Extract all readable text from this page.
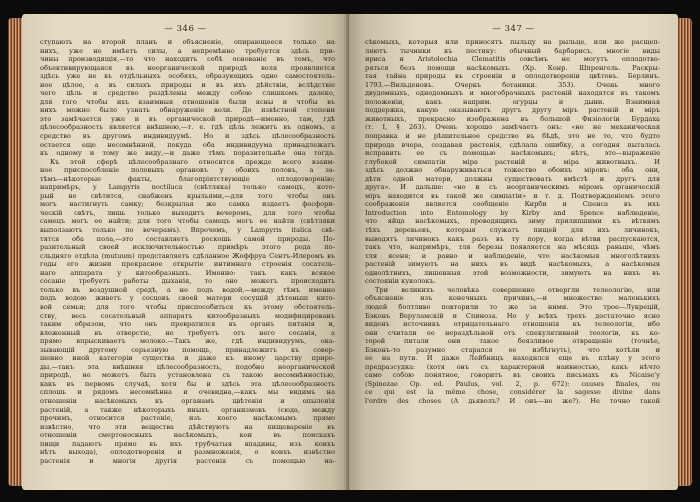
— 346 —
ступають на второй планъ и объясненіе, опирающееся только на
нихъ, уже не имѣетъ силы, а непремѣнно требуется здѣсь при-
чины производящія,—то что находитъ себѣ основаніе въ томъ, что
объективирующаяся въ неорганической природѣ воля проявляется
здѣсь уже не въ отдѣльныхъ особяхъ, образующихъ одно самостоятель-
ное цѣлое, а въ силахъ природы и въ ихъ дѣйствіи, вслѣдствіе
чего цѣль и средство раздѣлены между собою слишкомъ далеко,
для того чтобы ихъ взаимныя отношенія были ясны и чтобы въ
нихъ можно было узнать обнаруженіе воли. До извѣстной степени
это замѣчается уже и въ органической природѣ—именно, там, гдѣ
цѣлесообразность является внѣшнею,—т. е. гдѣ цѣль лежитъ въ одномъ, а
средство въ другомъ индивидуумѣ. Но и здѣсь цѣлесообразность
остается еще несомнѣнной, покуда оба индивидуума принадлежатъ
къ одному и тому же виду,—и даже тѣмъ поразительнѣе она тогда.
Къ этой сферѣ цѣлесообразнаго относится прежде всего взаим-
ное приспособленіе половыхъ органовъ у обоихъ половъ, а за-
тѣмъ—нѣкоторые факты, благопріятствующіе оплодотворенію;
напримѣръ, у Lampyris noctiluca (свѣтляка) только самецъ, кото-
рый не свѣтится, снабженъ крыльями,—для того чтобы онъ
могъ настигнуть самку; безкрылая же самка издаетъ фосфори-
ческій свѣтъ, лишь только выходитъ вечеромъ, для того чтобы
самецъ могъ ее найти; для того чтобы самецъ могъ ее найти (свѣтляки
выползаютъ только по вечерамъ). Впрочемъ, у Lampyris italica свѣ-
тятся оба пола,—это составляетъ роскошь самой природы. По-
разительный своей исключительностью примѣръ этого рода по-
сльдняго отдѣла (mutuum) представляетъ сдѣланное Жоффруа Сентъ-Илеромъ въ
годы его жизни прекрасное открытіе интимнаго строенія сосатель-
наго аппарата у китообразныхъ. Именно: такъ какъ всякое
сосаніе требуетъ работы дыханія, то оно можетъ происходить
только въ воздушной средѣ, а не подъ водой,—между тѣмъ именно
подъ водою живетъ у сосцовъ своей матери сосущій дѣтеныш кито-
вой семьи; для того чтобы приспособиться къ этому обстоятель-
ству, весь сосательный аппаратъ китообразныхъ модифицированъ
таким образом, что онъ превратился въ органъ питанія и,
вложенный въ отверстіе, не требуетъ отъ него сосанія, а
прямо впрыскиваетъ молоко.—Такъ же, гдѣ индивидуумъ, ока-
зывающій другому серьезную помощь, принадлежитъ къ совер-
шенно иной категоріи существа и даже къ иному царству приро-
ды,—такъ эта внѣшняя цѣлесообразность, подобно неорганической
природѣ, не можетъ быть установлена съ такою несомнѣнностью,
какъ въ первомъ случаѣ, хотя бы и здѣсь эта цѣлесообразность
сплошь и рядомъ несомнѣнна и очевидна,—какъ мы видимъ на
отношеніи насѣкомыхъ къ органамъ цвѣтенія и опыленія
растеній, а также нѣкоторыхъ иныхъ организмовъ (сюда, между
прочимъ, относится растеніе, изъ коего насѣкомымъ прямо
извѣстно, что эти вещества дѣйствуютъ на пищевареніе въ
отношеніи смертоносныхъ насѣкомыхъ, кои въ поискахъ
пищи падаютъ прямо въ ихъ трубчатыя впадины, изъ коихъ
нѣтъ выхода), оплодотворенія и размноженія, о коихъ извѣстно
растенія и многія другія растенія съ помощью на-
— 347 —
сѣкомыхъ, которыя или приносятъ пыльцу на рыльце, или же расщеп-
ляютъ тычинки къ пестику: обычный барбарисъ, многіе виды
ириса и Aristolochia Clematitis совсѣмъ не могутъ оплодотво-
ряться безъ помощи насѣкомыхъ. (Хр. Конр. Шпренгель. Раскры-
тая тайна природы въ строеніи и оплодотвореніи цвѣтовъ. Берлинъ.
1793.—Вильденовъ. Очеркъ ботаники. 353). Очень много
двудомныхъ, однодомныхъ и многобрачныхъ растеній находятся въ такомъ
положеніи, какъ наприм. огурцы и дыни. Взаимная
поддержка, какую оказываютъ другъ другу міръ растеній и міръ
животныхъ, прекрасно изображена въ большой Физіологіи Бурдаха
(т. I, § 263). Очень хорошо замѣчаетъ онъ: «но не механическая
поправка и не рѣшительное средство въ бѣдѣ, это не то, что будто
природа вчера, создавая растенія, сдѣлала ошибку, а сегодня пыталась
исправить ее съ помощью насѣкомыхъ; нѣтъ, это—выраженіе
глубокой симпатіи міра растеній и міра животныхъ. И
здѣсь должно обнаруживаться тожество обоихъ міровъ: оба они,
дѣти одной матери, должны существовать вмѣстѣ и другъ для
друга». И дальше: «но и съ неорганическимъ міромъ органическій
міръ находится въ такой же симпатіи» и т. д. Подтвержденіемъ этого
соображенія является сообщеніе Кирби и Спенса въ ихъ
Introduction into Entomology by Kirby and Spence наблюденіе,
что яйца насѣкомыхъ, проводящихъ зиму прилипшими къ вѣтвямъ
тѣхъ деревьевъ, которыя служатъ пищей для ихъ личинокъ,
выводятъ личинокъ какъ разъ въ ту пору, когда вѣтви распускаются,
такъ что, напримѣръ, тля березы появляется на мѣсяцъ раньше, чѣмъ
тля ясеня; и равно и наблюденіе, что насѣкомыя многолѣтнихъ
растеній зимуютъ на нихъ въ видѣ насѣкомыхъ, а насѣкомыя
однолѣтнихъ, лишенныя этой возможности, зимуютъ на нихъ въ
состояніи куколокъ.
Три великихъ человѣка совершенно отвергли телеологію, или
объясненіе изъ конечныхъ причинъ,—и множество маленькихъ
людей болтливо повторили то же за ними. Это трое—Лукрецій,
Бэконъ Веруламскій и Спиноза. Но у всѣхъ трехъ достаточно ясно
виденъ источникъ отрицательнаго отношенія къ телеологіи, ибо
они считали ее нераздѣльной отъ спекулятивной теологіи, къ ко-
торой питали они такое боязливое отвращеніе (точнѣе,
Бэконъ-то разумно старался ее избѣгнуть), что хотѣли и
ее на пути. И даже Лейбницъ находился еще въ плѣну у этого
предразсудка: (хотя онъ съ характерной наивностью, какъ нѣчто
само собою понятное, говоритъ въ своихъ письмахъ къ Nicaise'у
(Spinozae Op. ed. Paulus, vol. 2, p. 672): causes finales, ou
ce qui est la même chose, considérer la sagesse divine dans
l'ordre des choses (А дьяволъ? И онъ—не же?). Не точно такой
